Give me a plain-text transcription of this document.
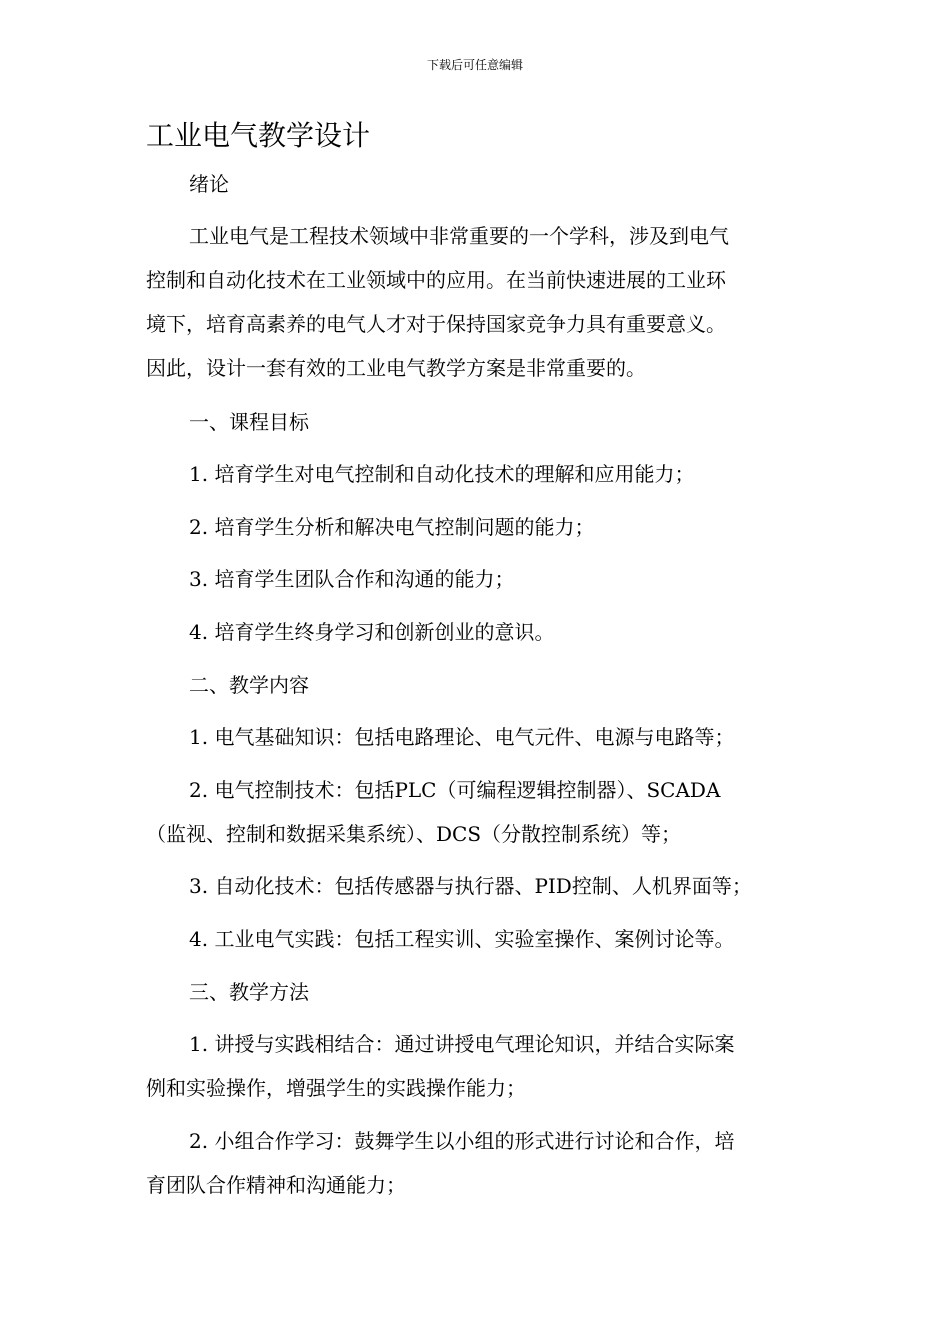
下载后可任意编辑
工业电气教学设计

绪论

工业电气是工程技术领域中非常重要的一个学科，涉及到电气

控制和自动化技术在工业领域中的应用。在当前快速进展的工业环

境下，培育高素养的电气人才对于保持国家竞争力具有重要意义。

因此，设计一套有效的工业电气教学方案是非常重要的。

一、课程目标

1. 培育学生对电气控制和自动化技术的理解和应用能力；

2. 培育学生分析和解决电气控制问题的能力；

3. 培育学生团队合作和沟通的能力；

4. 培育学生终身学习和创新创业的意识。

二、教学内容

1. 电气基础知识：包括电路理论、电气元件、电源与电路等；

2. 电气控制技术：包括PLC（可编程逻辑控制器）、SCADA

（监视、控制和数据采集系统）、DCS（分散控制系统）等；

3. 自动化技术：包括传感器与执行器、PID控制、人机界面等；

4. 工业电气实践：包括工程实训、实验室操作、案例讨论等。

三、教学方法

1. 讲授与实践相结合：通过讲授电气理论知识，并结合实际案

例和实验操作，增强学生的实践操作能力；

2. 小组合作学习：鼓舞学生以小组的形式进行讨论和合作，培

育团队合作精神和沟通能力；
